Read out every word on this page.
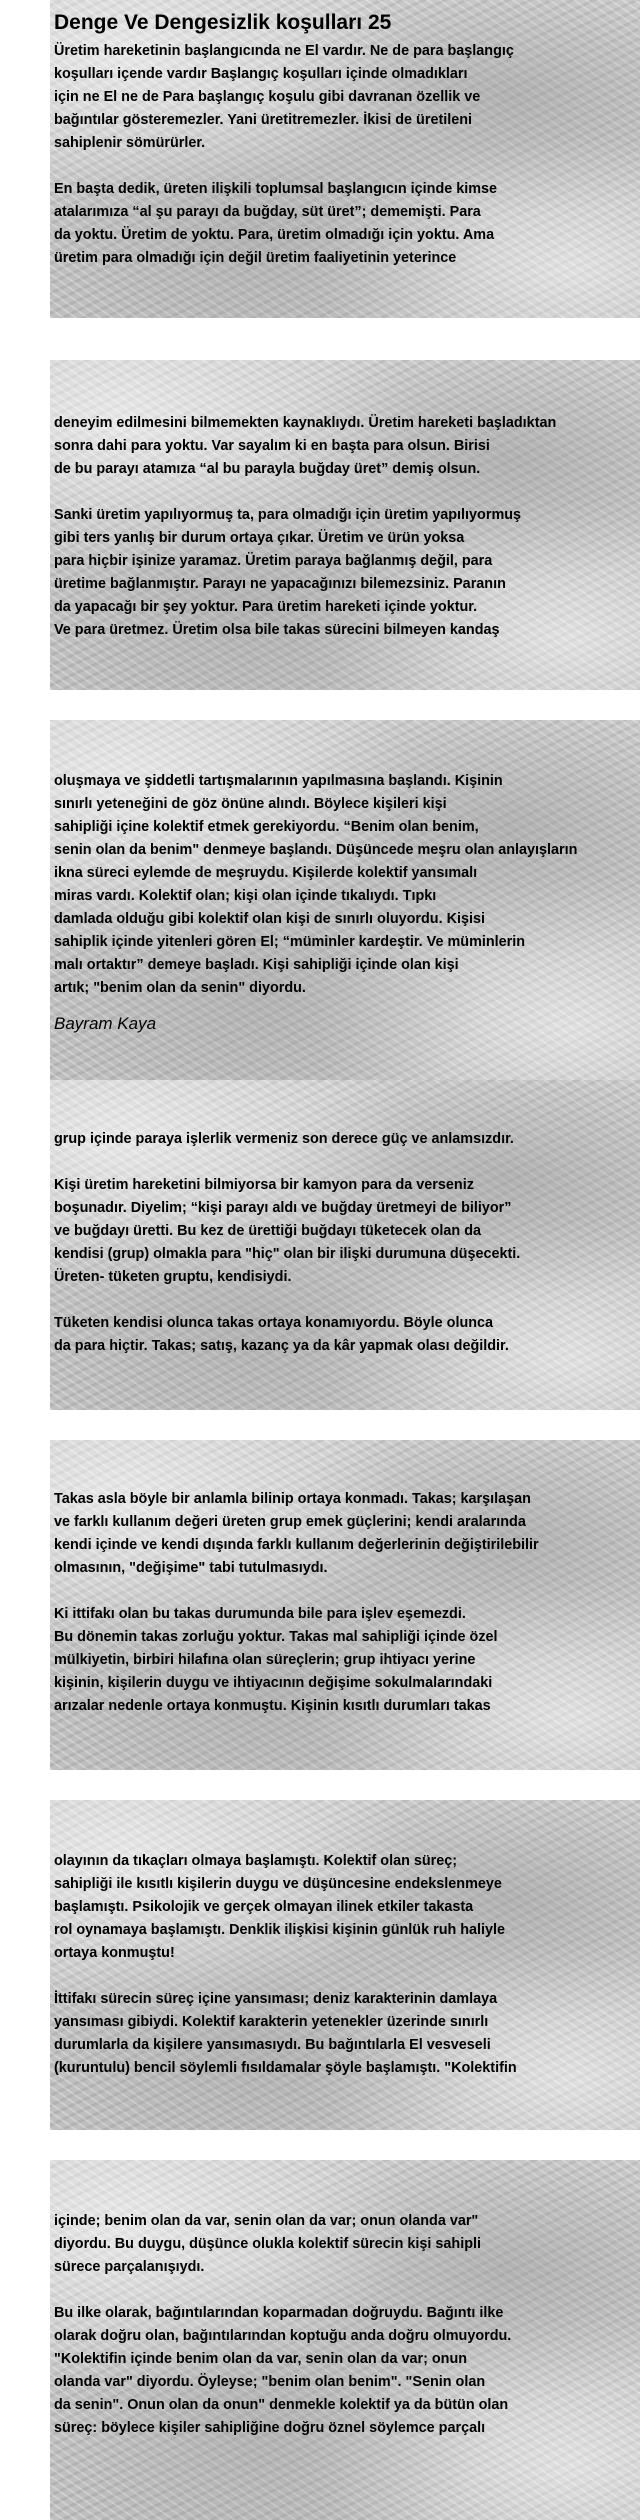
Denge Ve Dengesizlik koşulları 25

Üretim hareketinin başlangıcında ne El vardır. Ne de para başlangıç
koşulları içende vardır Başlangıç koşulları içinde olmadıkları
için ne El ne de Para başlangıç koşulu gibi davranan özellik ve
bağıntılar gösteremezler. Yani üretitremezler. İkisi de üretileni
sahiplenir sömürürler.

En başta dedik, üreten ilişkili toplumsal başlangıcın içinde kimse
atalarımıza “al şu parayı da buğday, süt üret”; dememişti. Para
da yoktu. Üretim de yoktu. Para, üretim olmadığı için yoktu. Ama
üretim para olmadığı için değil üretim faaliyetinin yeterince

deneyim edilmesini bilmemekten kaynaklıydı. Üretim hareketi başladıktan
sonra dahi para yoktu. Var sayalım ki en başta para olsun. Birisi
de bu parayı atamıza “al bu parayla buğday üret” demiş olsun.

Sanki üretim yapılıyormuş ta, para olmadığı için üretim yapılıyormuş
gibi ters yanlış bir durum ortaya çıkar. Üretim ve ürün yoksa
para hiçbir işinize yaramaz. Üretim paraya bağlanmış değil, para
üretime bağlanmıştır. Parayı ne yapacağınızı bilemezsiniz. Paranın
da yapacağı bir şey yoktur. Para üretim hareketi içinde yoktur.
Ve para üretmez. Üretim olsa bile takas sürecini bilmeyen kandaş

oluşmaya ve şiddetli tartışmalarının yapılmasına başlandı. Kişinin
sınırlı yeteneğini de göz önüne alındı. Böylece kişileri kişi
sahipliği içine kolektif etmek gerekiyordu. “Benim olan benim,
senin olan da benim" denmeye başlandı. Düşüncede meşru olan anlayışların
ikna süreci eylemde de meşruydu. Kişilerde kolektif yansımalı
miras vardı. Kolektif olan; kişi olan içinde tıkalıydı. Tıpkı
damlada olduğu gibi kolektif olan kişi de sınırlı oluyordu. Kişisi
sahiplik içinde yitenleri gören El; “müminler kardeştir. Ve müminlerin
malı ortaktır” demeye başladı. Kişi sahipliği içinde olan kişi
artık; "benim olan da senin" diyordu.

Bayram Kaya

grup içinde paraya işlerlik vermeniz son derece güç ve anlamsızdır.

Kişi üretim hareketini bilmiyorsa bir kamyon para da verseniz
boşunadır. Diyelim; “kişi parayı aldı ve buğday üretmeyi de biliyor”
ve buğdayı üretti. Bu kez de ürettiği buğdayı tüketecek olan da
kendisi (grup) olmakla para "hiç" olan bir ilişki durumuna düşecekti.
Üreten- tüketen gruptu, kendisiydi.

Tüketen kendisi olunca takas ortaya konamıyordu. Böyle olunca
da para hiçtir. Takas; satış, kazanç ya da kâr yapmak olası değildir.

Takas asla böyle bir anlamla bilinip ortaya konmadı. Takas; karşılaşan
ve farklı kullanım değeri üreten grup emek güçlerini; kendi aralarında
kendi içinde ve kendi dışında farklı kullanım değerlerinin değiştirilebilir
olmasının, "değişime" tabi tutulmasıydı.

Ki ittifakı olan bu takas durumunda bile para işlev eşemezdi.
Bu dönemin takas zorluğu yoktur. Takas mal sahipliği içinde özel
mülkiyetin, birbiri hilafına olan süreçlerin; grup ihtiyacı yerine
kişinin, kişilerin duygu ve ihtiyacının değişime sokulmalarındaki
arızalar nedenle ortaya konmuştu. Kişinin kısıtlı durumları takas

olayının da tıkaçları olmaya başlamıştı. Kolektif olan süreç;
sahipliği ile kısıtlı kişilerin duygu ve düşüncesine endekslenmeye
başlamıştı. Psikolojik ve gerçek olmayan ilinek etkiler takasta
rol oynamaya başlamıştı. Denklik ilişkisi kişinin günlük ruh haliyle
ortaya konmuştu!

İttifakı sürecin süreç içine yansıması; deniz karakterinin damlaya
yansıması gibiydi. Kolektif karakterin yetenekler üzerinde sınırlı
durumlarla da kişilere yansımasıydı. Bu bağıntılarla El vesveseli
(kuruntulu) bencil söylemli fısıldamalar şöyle başlamıştı. "Kolektifin

içinde; benim olan da var, senin olan da var; onun olanda var"
diyordu. Bu duygu, düşünce olukla kolektif sürecin kişi sahipli
sürece parçalanışıydı.

Bu ilke olarak, bağıntılarından koparmadan doğruydu. Bağıntı ilke
olarak doğru olan, bağıntılarından koptuğu anda doğru olmuyordu.
"Kolektifin içinde benim olan da var, senin olan da var; onun
olanda var" diyordu. Öyleyse; "benim olan benim". "Senin olan
da senin". Onun olan da onun" denmekle kolektif ya da bütün olan
süreç: böylece kişiler sahipliğine doğru öznel söylemce parçalı
